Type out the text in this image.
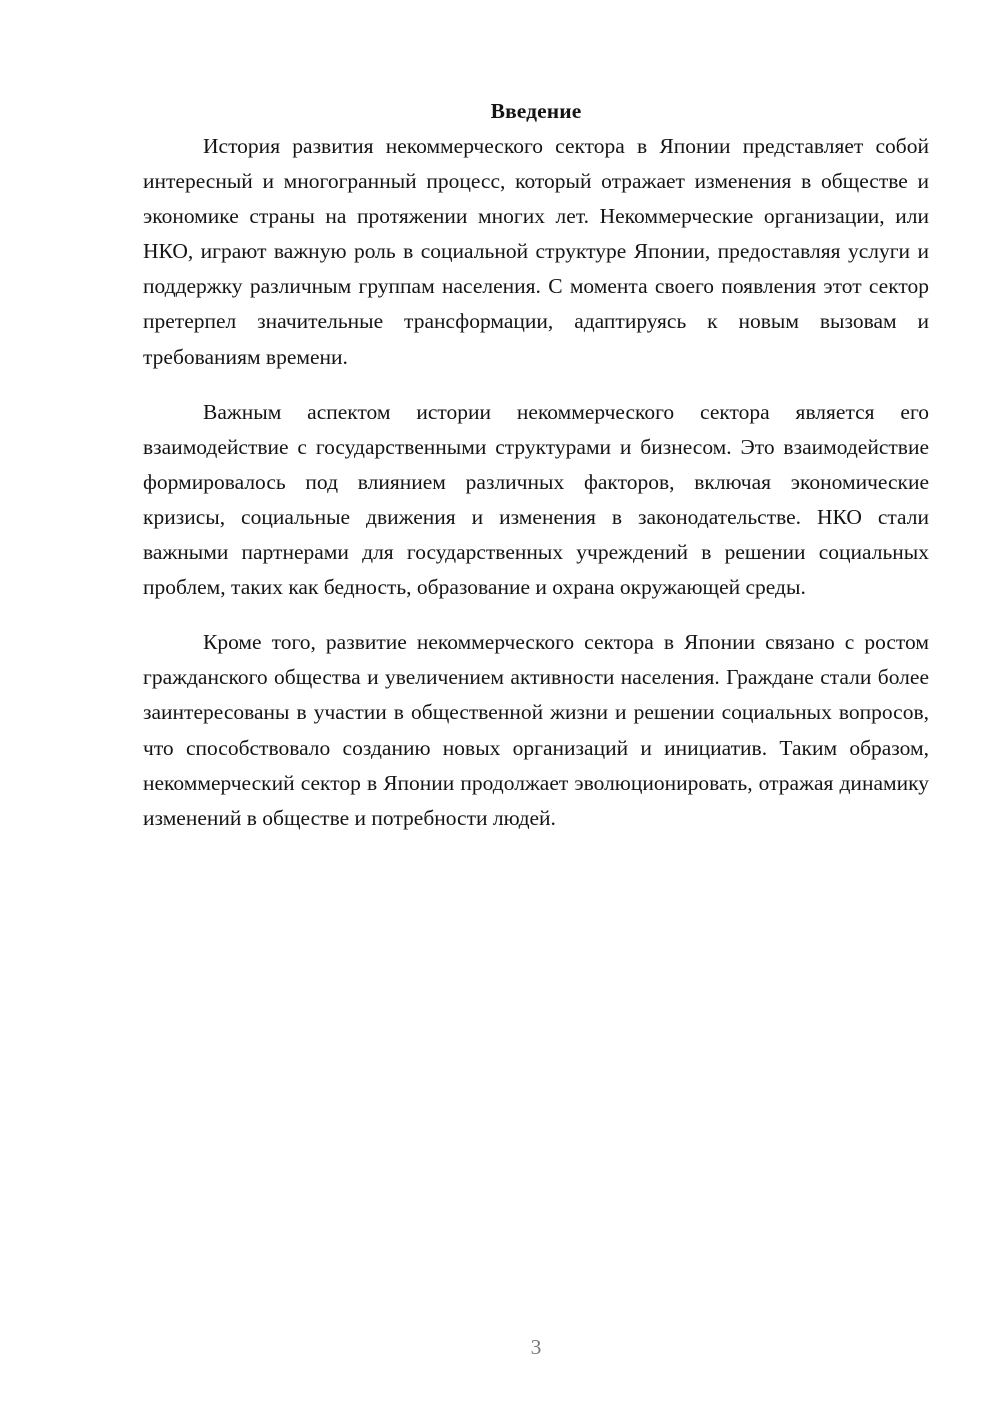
Введение

История развития некоммерческого сектора в Японии представляет собой интересный и многогранный процесс, который отражает изменения в обществе и экономике страны на протяжении многих лет. Некоммерческие организации, или НКО, играют важную роль в социальной структуре Японии, предоставляя услуги и поддержку различным группам населения. С момента своего появления этот сектор претерпел значительные трансформации, адаптируясь к новым вызовам и требованиям времени.

Важным аспектом истории некоммерческого сектора является его взаимодействие с государственными структурами и бизнесом. Это взаимодействие формировалось под влиянием различных факторов, включая экономические кризисы, социальные движения и изменения в законодательстве. НКО стали важными партнерами для государственных учреждений в решении социальных проблем, таких как бедность, образование и охрана окружающей среды.

Кроме того, развитие некоммерческого сектора в Японии связано с ростом гражданского общества и увеличением активности населения. Граждане стали более заинтересованы в участии в общественной жизни и решении социальных вопросов, что способствовало созданию новых организаций и инициатив. Таким образом, некоммерческий сектор в Японии продолжает эволюционировать, отражая динамику изменений в обществе и потребности людей.

3
